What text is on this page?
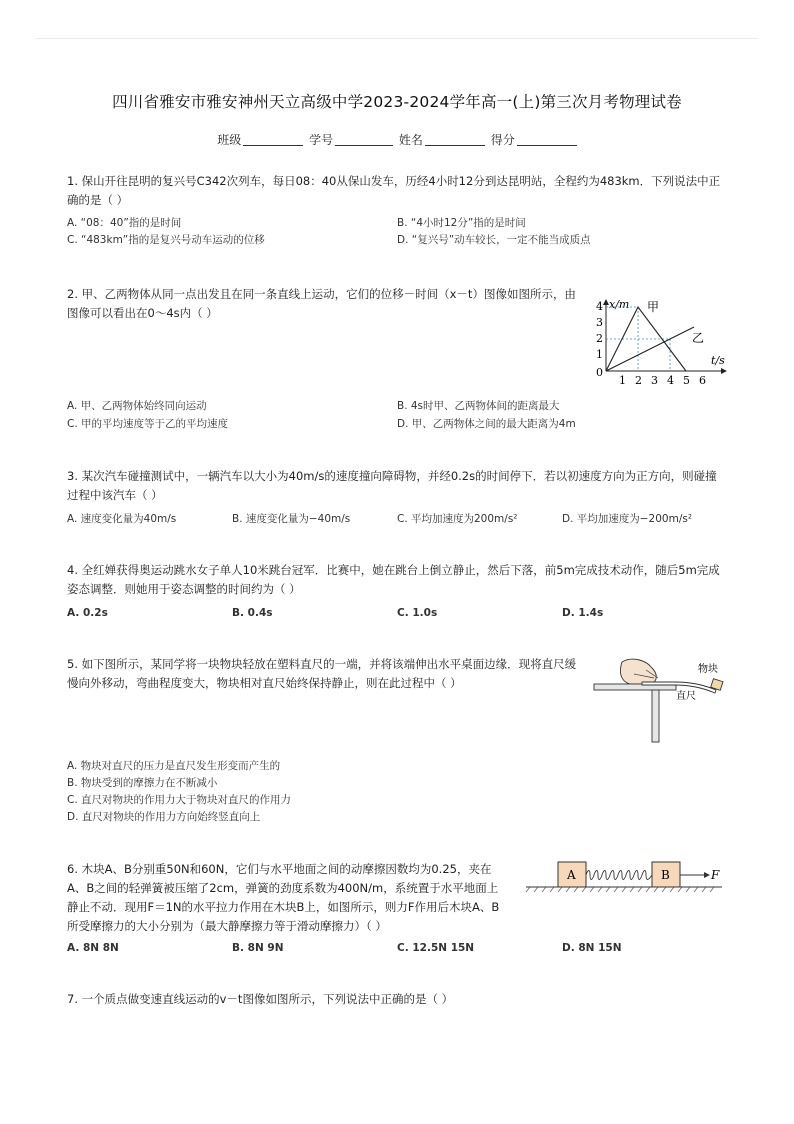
四川省雅安市雅安神州天立高级中学2023-2024学年高一(上)第三次月考物理试卷
班级	学号	姓名	得分
1. 保山开往昆明的复兴号C342次列车，每日08：40从保山发车，历经4小时12分到达昆明站，全程约为483km．下列说法中正确的是（ ）
A. “08：40”指的是时间	B. “4小时12分”指的是时间
C. “483km”指的是复兴号动车运动的位移	D. “复兴号”动车较长，一定不能当成质点
2. 甲、乙两物体从同一点出发且在同一条直线上运动，它们的位移－时间（x－t）图像如图所示，由图像可以看出在0～4s内（ ）
x/m
t/s
0
1
2
3
4
1 2 3 4 5 6
甲
乙
A. 甲、乙两物体始终同向运动	B. 4s时甲、乙两物体间的距离最大
C. 甲的平均速度等于乙的平均速度	D. 甲、乙两物体之间的最大距离为4m
3. 某次汽车碰撞测试中，一辆汽车以大小为40m/s的速度撞向障碍物，并经0.2s的时间停下．若以初速度方向为正方向，则碰撞过程中该汽车（ ）
A. 速度变化量为40m/s	B. 速度变化量为−40m/s	C. 平均加速度为200m/s²	D. 平均加速度为−200m/s²
4. 全红婵获得奥运动跳水女子单人10米跳台冠军．比赛中，她在跳台上倒立静止，然后下落，前5m完成技术动作，随后5m完成姿态调整．则她用于姿态调整的时间约为（ ）
A. 0.2s	B. 0.4s	C. 1.0s	D. 1.4s
5. 如下图所示，某同学将一块物块轻放在塑料直尺的一端，并将该端伸出水平桌面边缘．现将直尺缓慢向外移动，弯曲程度变大，物块相对直尺始终保持静止，则在此过程中（ ）
物块
直尺
A. 物块对直尺的压力是直尺发生形变而产生的
B. 物块受到的摩擦力在不断减小
C. 直尺对物块的作用力大于物块对直尺的作用力
D. 直尺对物块的作用力方向始终竖直向上
6. 木块A、B分别重50N和60N，它们与水平地面之间的动摩擦因数均为0.25，夹在A、B之间的轻弹簧被压缩了2cm，弹簧的劲度系数为400N/m，系统置于水平地面上静止不动．现用F＝1N的水平拉力作用在木块B上，如图所示，则力F作用后木块A、B所受摩擦力的大小分别为（最大静摩擦力等于滑动摩擦力）（ ）
A	B	F
A. 8N 8N	B. 8N 9N	C. 12.5N 15N	D. 8N 15N
7. 一个质点做变速直线运动的v－t图像如图所示，下列说法中正确的是（ ）
